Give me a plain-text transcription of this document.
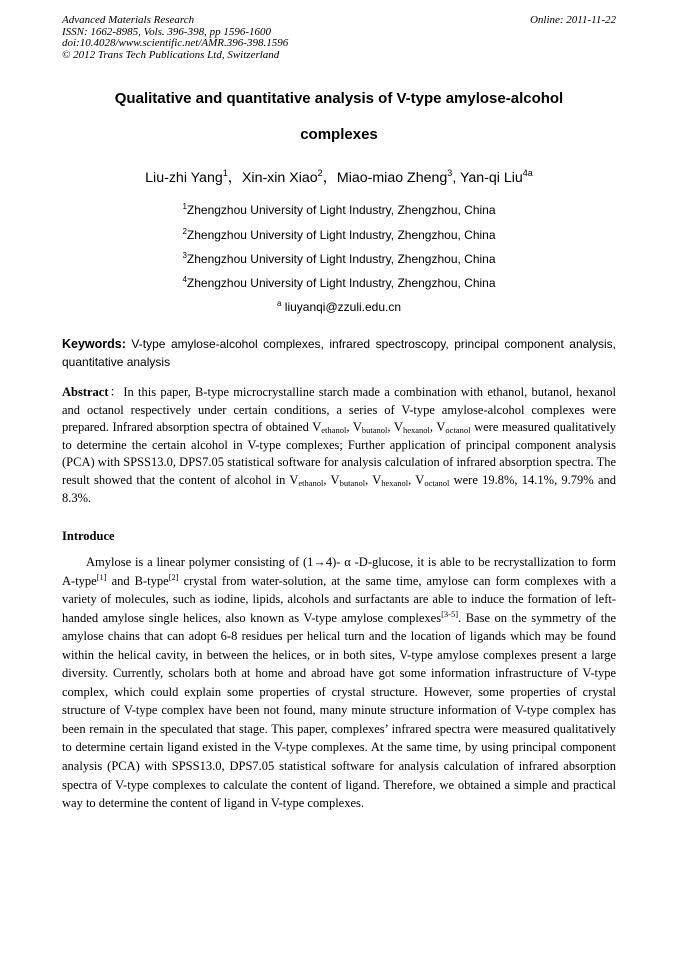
Advanced Materials Research
ISSN: 1662-8985, Vols. 396-398, pp 1596-1600
doi:10.4028/www.scientific.net/AMR.396-398.1596
© 2012 Trans Tech Publications Ltd, Switzerland
Online: 2011-11-22
Qualitative and quantitative analysis of V-type amylose-alcohol
complexes
Liu-zhi Yang$^1$，Xin-xin Xiao$^2$，Miao-miao Zheng$^3$, Yan-qi Liu$^{4a}$
$^1$Zhengzhou University of Light Industry, Zhengzhou, China
$^2$Zhengzhou University of Light Industry, Zhengzhou, China
$^3$Zhengzhou University of Light Industry, Zhengzhou, China
$^4$Zhengzhou University of Light Industry, Zhengzhou, China
$^a$ liuyanqi@zzuli.edu.cn
Keywords: V-type amylose-alcohol complexes, infrared spectroscopy, principal component analysis, quantitative analysis
Abstract：In this paper, B-type microcrystalline starch made a combination with ethanol, butanol, hexanol and octanol respectively under certain conditions, a series of V-type amylose-alcohol complexes were prepared. Infrared absorption spectra of obtained $V_{ethanol}$, $V_{butanol}$, $V_{hexanol}$, $V_{octanol}$ were measured qualitatively to determine the certain alcohol in V-type complexes; Further application of principal component analysis (PCA) with SPSS13.0, DPS7.05 statistical software for analysis calculation of infrared absorption spectra. The result showed that the content of alcohol in $V_{ethanol}$, $V_{butanol}$, $V_{hexanol}$, $V_{octanol}$ were 19.8%, 14.1%, 9.79% and 8.3%.
Introduce
Amylose is a linear polymer consisting of (1→4)- α -D-glucose, it is able to be recrystallization to form A-type[1] and B-type[2] crystal from water-solution, at the same time, amylose can form complexes with a variety of molecules, such as iodine, lipids, alcohols and surfactants are able to induce the formation of left-handed amylose single helices, also known as V-type amylose complexes[3-5]. Base on the symmetry of the amylose chains that can adopt 6-8 residues per helical turn and the location of ligands which may be found within the helical cavity, in between the helices, or in both sites, V-type amylose complexes present a large diversity. Currently, scholars both at home and abroad have got some information infrastructure of V-type complex, which could explain some properties of crystal structure. However, some properties of crystal structure of V-type complex have been not found, many minute structure information of V-type complex has been remain in the speculated that stage. This paper, complexes’ infrared spectra were measured qualitatively to determine certain ligand existed in the V-type complexes. At the same time, by using principal component analysis (PCA) with SPSS13.0, DPS7.05 statistical software for analysis calculation of infrared absorption spectra of V-type complexes to calculate the content of ligand. Therefore, we obtained a simple and practical way to determine the content of ligand in V-type complexes.
